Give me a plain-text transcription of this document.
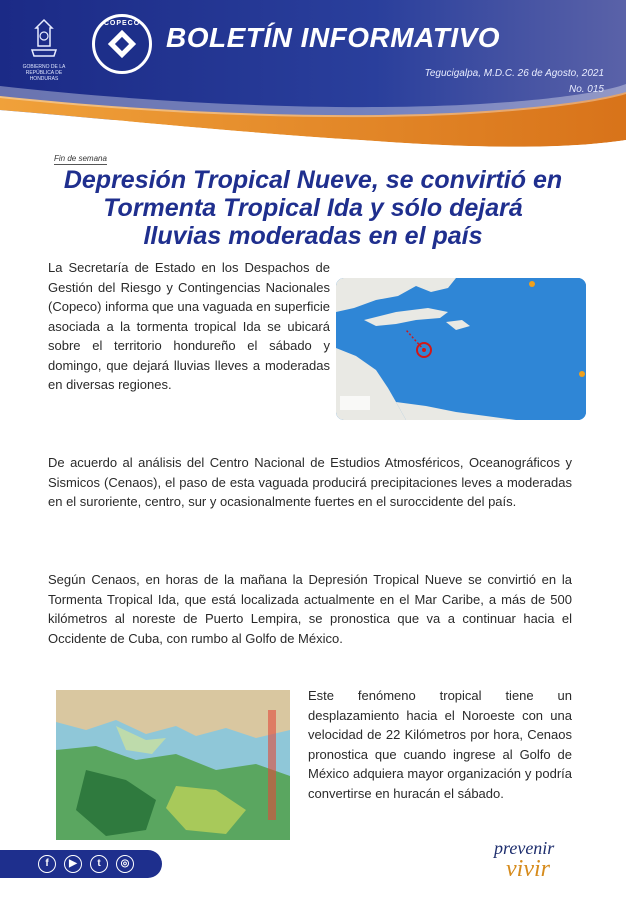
GOBIERNO DE LA REPÚBLICA DE HONDURAS
COPECO BOLETÍN INFORMATIVO
Tegucigalpa, M.D.C. 26 de Agosto, 2021
No. 015
Fin de semana
Depresión Tropical Nueve, se convirtió en
Tormenta Tropical Ida y sólo dejará
lluvias moderadas en el país

La Secretaría de Estado en los Despachos de Gestión del Riesgo y Contingencias Nacionales (Copeco) informa que una vaguada en superficie asociada a la tormenta tropical Ida se ubicará sobre el territorio hondureño el sábado y domingo, que dejará lluvias lleves a moderadas en diversas regiones.

De acuerdo al análisis del Centro Nacional de Estudios Atmosféricos, Oceanográficos y Sismicos (Cenaos), el paso de esta vaguada producirá precipitaciones leves a moderadas en el suroriente, centro, sur y ocasionalmente fuertes en el suroccidente del país.

Según Cenaos, en horas de la mañana la Depresión Tropical Nueve se convirtió en la Tormenta Tropical Ida, que está localizada actualmente en el Mar Caribe, a más de 500 kilómetros al noreste de Puerto Lempira, se pronostica que va a continuar hacia el Occidente de Cuba, con rumbo al Golfo de México.

Este fenómeno tropical tiene un desplazamiento hacia el Noroeste con una velocidad de 22 Kilómetros por hora, Cenaos pronostica que cuando ingrese al Golfo de México adquiera mayor organización y podría convertirse en huracán el sábado.

f	▶	t	◎
prevenir
vivir
